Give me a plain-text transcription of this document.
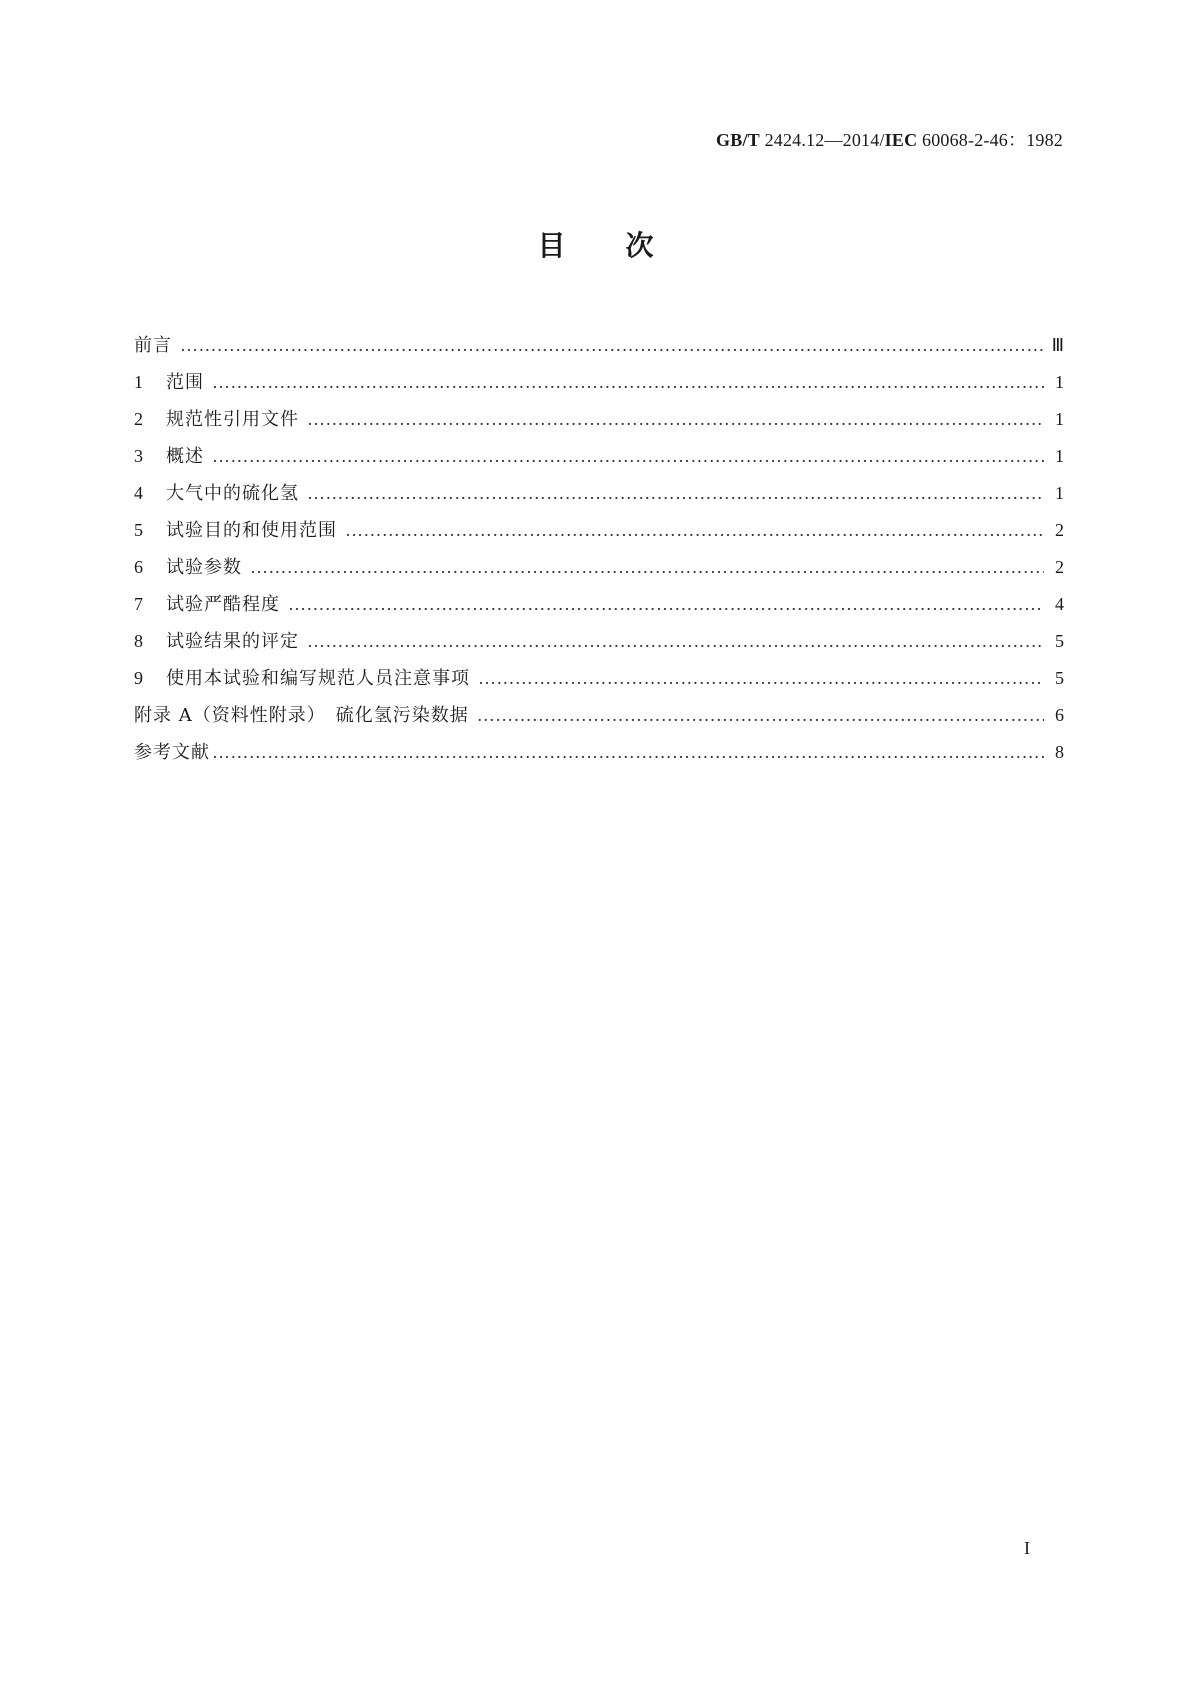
GB/T 2424.12—2014/IEC 60068-2-46：1982
目次
前言 …………………………………………………………………………………………………………………………………………………………………………………………………………………………	Ⅲ
1	范围 …………………………………………………………………………………………………………………………………………………………………………………………………………………………	1
2	规范性引用文件 …………………………………………………………………………………………………………………………………………………………………………………………………………………………	1
3	概述 …………………………………………………………………………………………………………………………………………………………………………………………………………………………	1
4	大气中的硫化氢 …………………………………………………………………………………………………………………………………………………………………………………………………………………………	1
5	试验目的和使用范围 …………………………………………………………………………………………………………………………………………………………………………………………………………………………	2
6	试验参数 …………………………………………………………………………………………………………………………………………………………………………………………………………………………	2
7	试验严酷程度 …………………………………………………………………………………………………………………………………………………………………………………………………………………………	4
8	试验结果的评定 …………………………………………………………………………………………………………………………………………………………………………………………………………………………	5
9	使用本试验和编写规范人员注意事项 …………………………………………………………………………………………………………………………………………………………………………………………………………………………	5
附录 A（资料性附录）　硫化氢污染数据 …………………………………………………………………………………………………………………………………………………………………………………………………………………………	6
参考文献 …………………………………………………………………………………………………………………………………………………………………………………………………………………………	8
I
